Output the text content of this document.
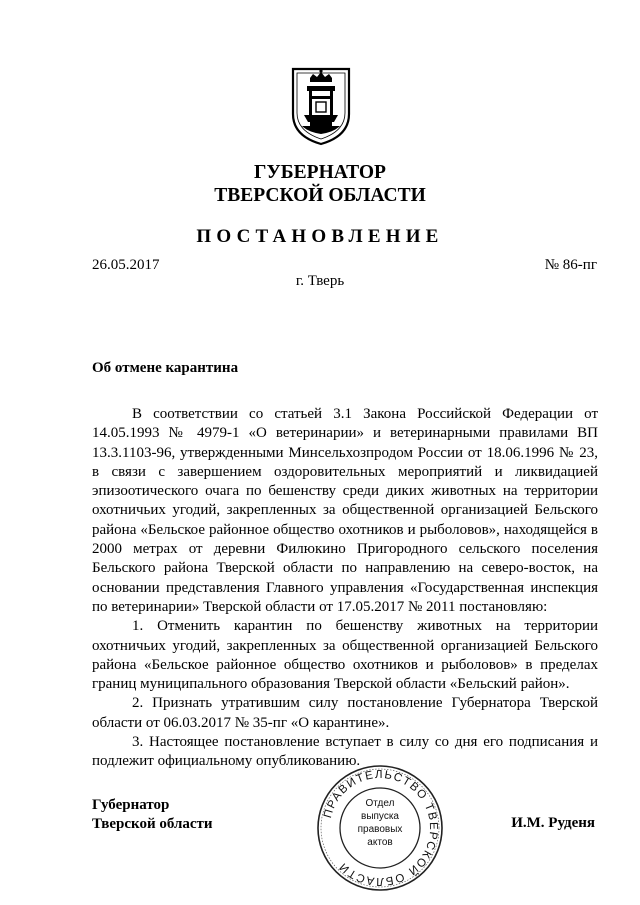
ГУБЕРНАТОР
ТВЕРСКОЙ ОБЛАСТИ
ПОСТАНОВЛЕНИЕ
26.05.2017	№ 86-пг
г. Тверь
Об отмене карантина

В соответствии со статьей 3.1 Закона Российской Федерации от 14.05.1993 № 4979-1 «О ветеринарии» и ветеринарными правилами ВП 13.3.1103-96, утвержденными Минсельхозпродом России от 18.06.1996 № 23, в связи с завершением оздоровительных мероприятий и ликвидацией эпизоотического очага по бешенству среди диких животных на территории охотничьих угодий, закрепленных за общественной организацией Бельского района «Бельское районное общество охотников и рыболовов», находящейся в 2000 метрах от деревни Филюкино Пригородного сельского поселения Бельского района Тверской области по направлению на северо-восток, на основании представления Главного управления «Государственная инспекция по ветеринарии» Тверской области от 17.05.2017 № 2011 постановляю:

1. Отменить карантин по бешенству животных на территории охотничьих угодий, закрепленных за общественной организацией Бельского района «Бельское районное общество охотников и рыболовов» в пределах границ муниципального образования Тверской области «Бельский район».

2. Признать утратившим силу постановление Губернатора Тверской области от 06.03.2017 № 35-пг «О карантине».

3. Настоящее постановление вступает в силу со дня его подписания и подлежит официальному опубликованию.

Губернатор
Тверской области	И.М. Руденя
ПРАВИТЕЛЬСТВО ТВЕРСКОЙ ОБЛАСТИ
Отдел
выпуска
правовых
актов
